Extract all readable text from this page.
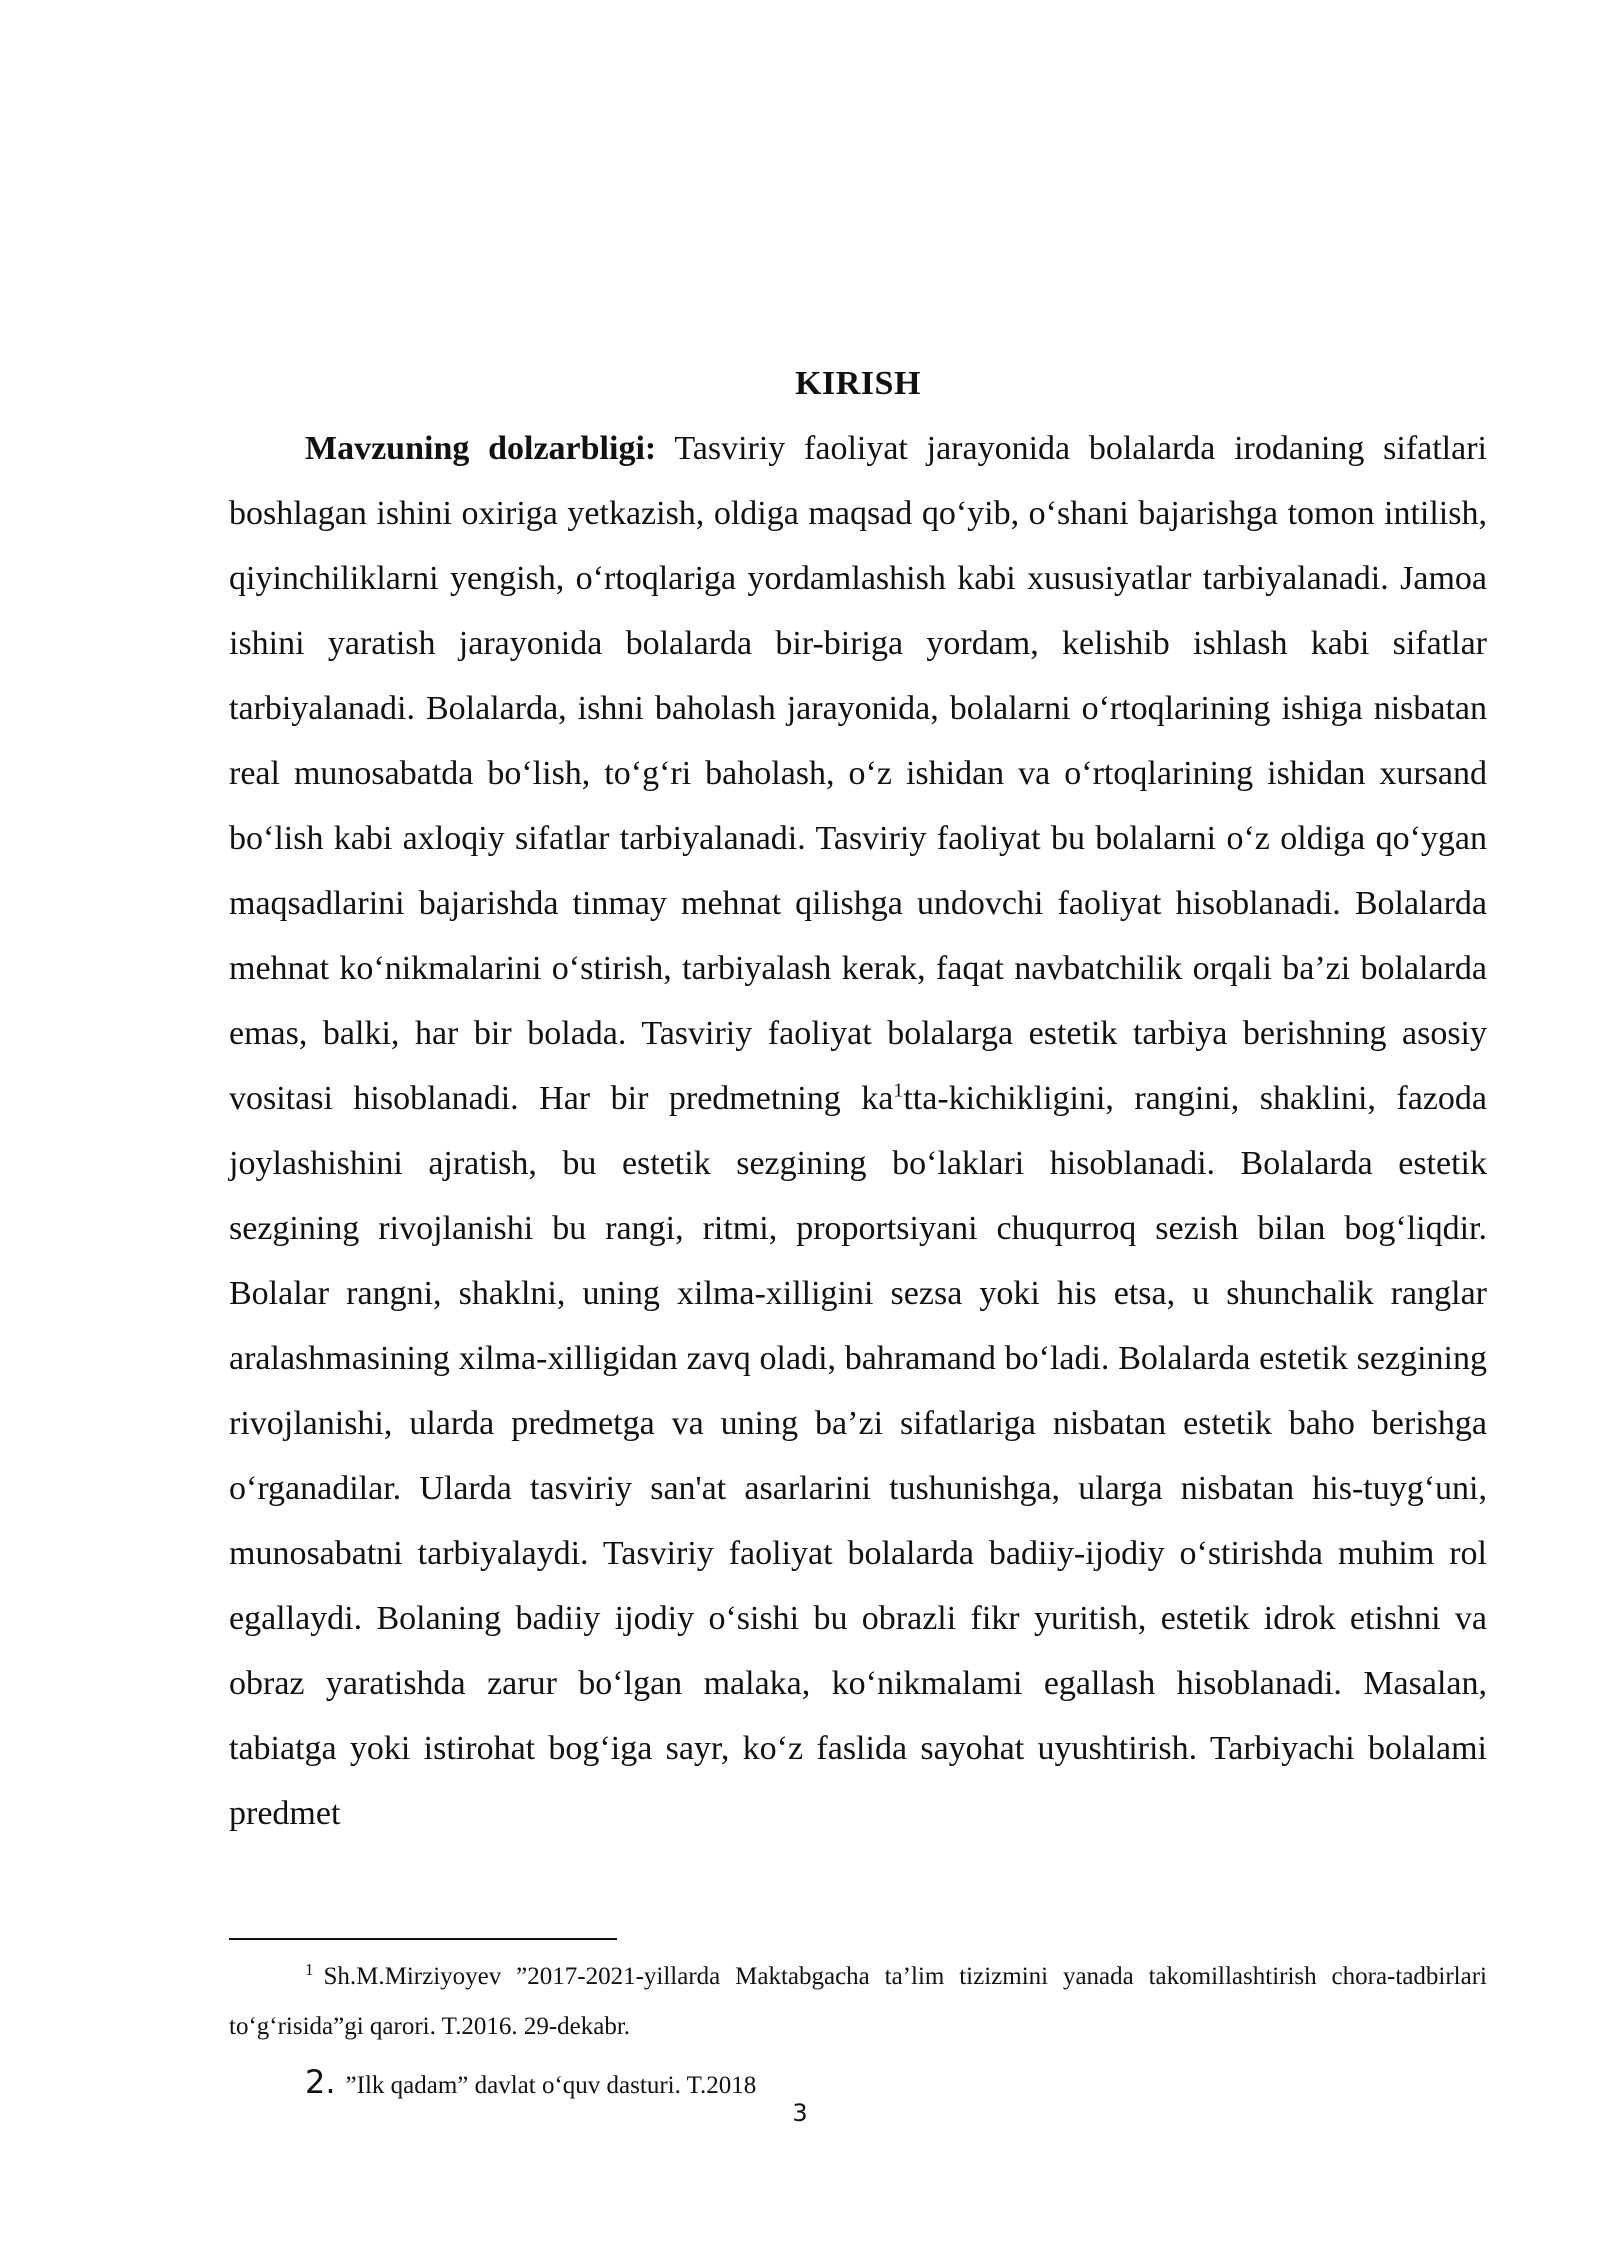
KIRISH

Mavzuning dolzarbligi: Tasviriy faoliyat jarayonida bolalarda irodaning sifatlari boshlagan ishini oxiriga yetkazish, oldiga maqsad qo‘yib, o‘shani bajarishga tomon intilish, qiyinchiliklarni yengish, o‘rtoqlariga yordamlashish kabi xususiyatlar tarbiyalanadi. Jamoa ishini yaratish jarayonida bolalarda bir-biriga yordam, kelishib ishlash kabi sifatlar tarbiyalanadi. Bolalarda, ishni baholash jarayonida, bolalarni o‘rtoqlarining ishiga nisbatan real munosabatda bo‘lish, to‘g‘ri baholash, o‘z ishidan va o‘rtoqlarining ishidan xursand bo‘lish kabi axloqiy sifatlar tarbiyalanadi. Tasviriy faoliyat bu bolalarni o‘z oldiga qo‘ygan maqsadlarini bajarishda tinmay mehnat qilishga undovchi faoliyat hisoblanadi. Bolalarda mehnat ko‘nikmalarini o‘stirish, tarbiyalash kerak, faqat navbatchilik orqali ba’zi bolalarda emas, balki, har bir bolada. Tasviriy faoliyat bolalarga estetik tarbiya berishning asosiy vositasi hisoblanadi. Har bir predmetning $ka^1tta$-kichikligini, rangini, shaklini, fazoda joylashishini ajratish, bu estetik sezgining bo‘laklari hisoblanadi. Bolalarda estetik sezgining rivojlanishi bu rangi, ritmi, proportsiyani chuqurroq sezish bilan bog‘liqdir. Bolalar rangni, shaklni, uning xilma-xilligini sezsa yoki his etsa, u shunchalik ranglar aralashmasining xilma-xilligidan zavq oladi, bahramand bo‘ladi. Bolalarda estetik sezgining rivojlanishi, ularda predmetga va uning ba’zi sifatlariga nisbatan estetik baho berishga o‘rganadilar. Ularda tasviriy san'at asarlarini tushunishga, ularga nisbatan his-tuyg‘uni, munosabatni tarbiyalaydi. Tasviriy faoliyat bolalarda badiiy-ijodiy o‘stirishda muhim rol egallaydi. Bolaning badiiy ijodiy o‘sishi bu obrazli fikr yuritish, estetik idrok etishni va obraz yaratishda zarur bo‘lgan malaka, ko‘nikmalami egallash hisoblanadi. Masalan, tabiatga yoki istirohat bog‘iga sayr, ko‘z faslida sayohat uyushtirish. Tarbiyachi bolalami predmet

$^1$ Sh.M.Mirziyoyev ”2017-2021-yillarda Maktabgacha ta’lim tizizmini yanada takomillashtirish chora-tadbirlari to‘g‘risida”gi qarori. T.2016. 29-dekabr.

2. ”Ilk qadam” davlat o‘quv dasturi. T.2018

3
